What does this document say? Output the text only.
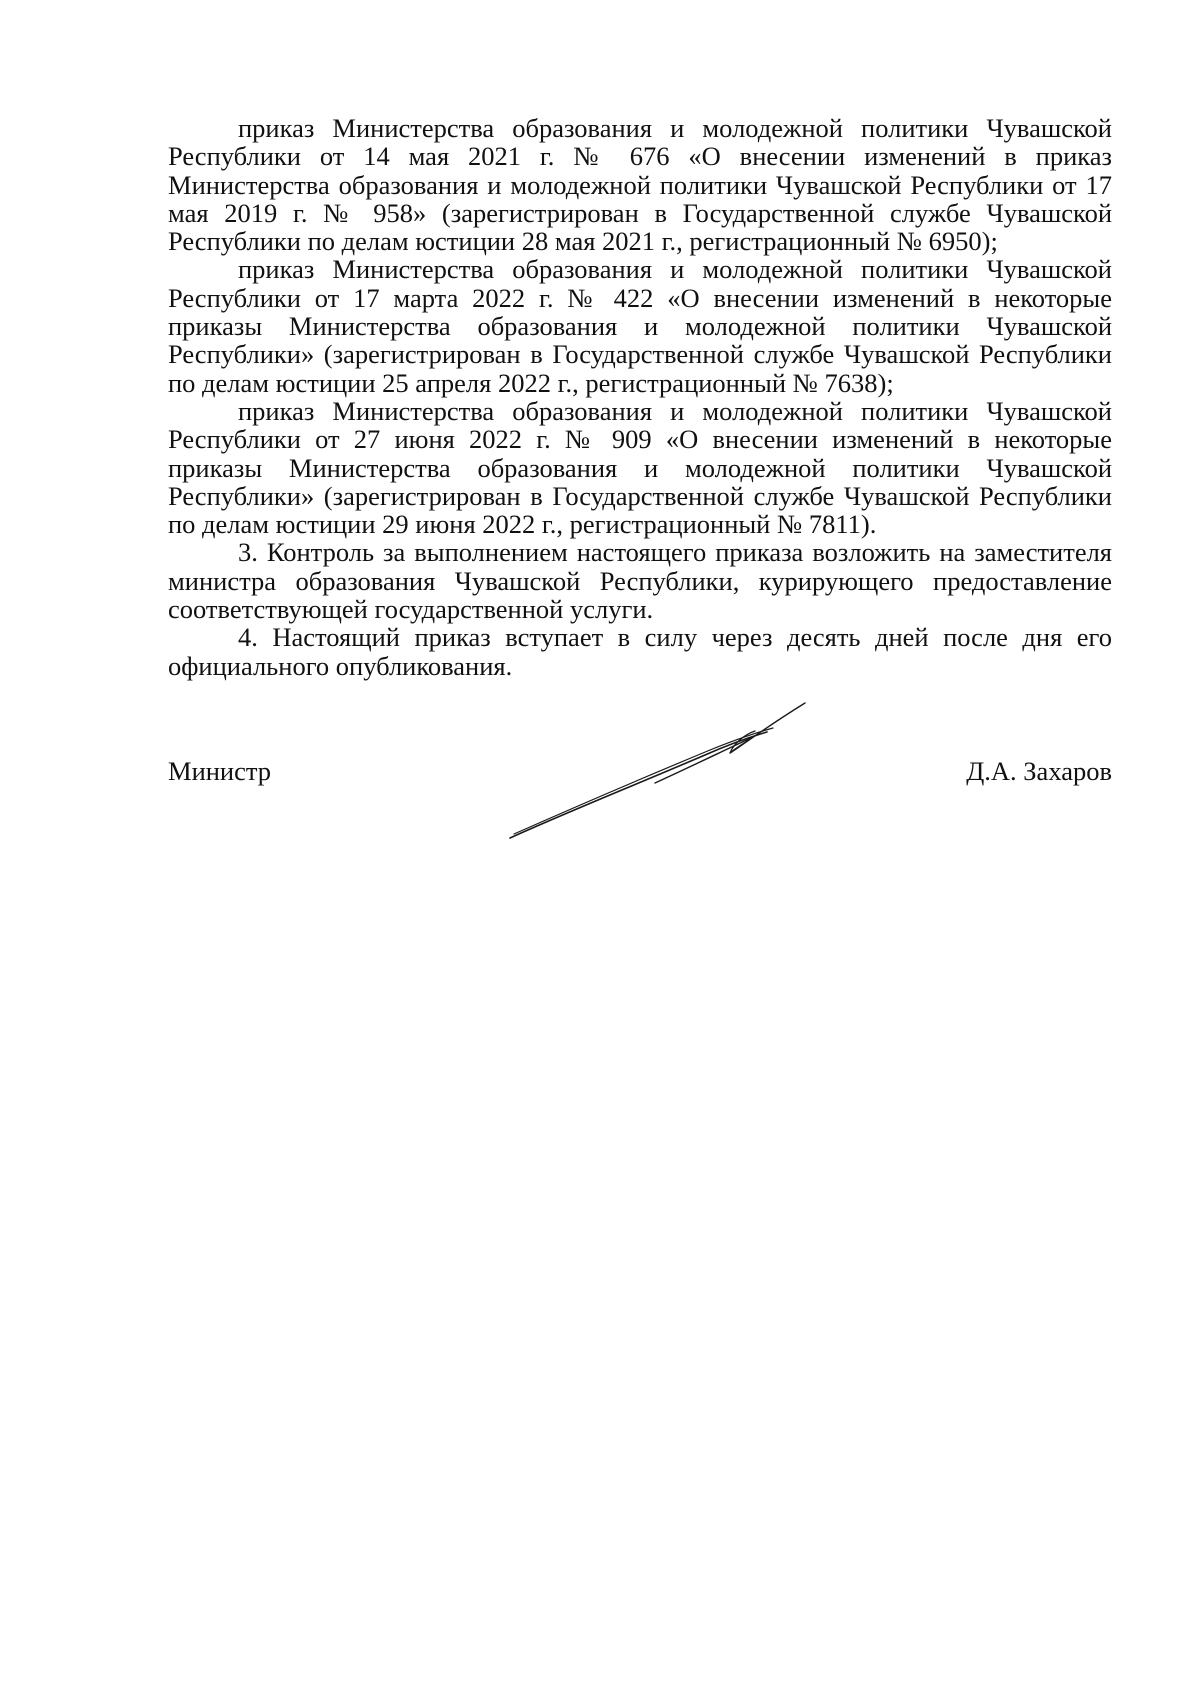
приказ Министерства образования и молодежной политики Чувашской Республики от 14 мая 2021 г. № 676 «О внесении изменений в приказ Министерства образования и молодежной политики Чувашской Республики от 17 мая 2019 г. № 958» (зарегистрирован в Государственной службе Чувашской Республики по делам юстиции 28 мая 2021 г., регистрационный № 6950);

приказ Министерства образования и молодежной политики Чувашской Республики от 17 марта 2022 г. № 422 «О внесении изменений в некоторые приказы Министерства образования и молодежной политики Чувашской Республики» (зарегистрирован в Государственной службе Чувашской Республики по делам юстиции 25 апреля 2022 г., регистрационный № 7638);

приказ Министерства образования и молодежной политики Чувашской Республики от 27 июня 2022 г. № 909 «О внесении изменений в некоторые приказы Министерства образования и молодежной политики Чувашской Республики» (зарегистрирован в Государственной службе Чувашской Республики по делам юстиции 29 июня 2022 г., регистрационный № 7811).

3. Контроль за выполнением настоящего приказа возложить на заместителя министра образования Чувашской Республики, курирующего предоставление соответствующей государственной услуги.

4. Настоящий приказ вступает в силу через десять дней после дня его официального опубликования.

Министр	Д.А. Захаров
